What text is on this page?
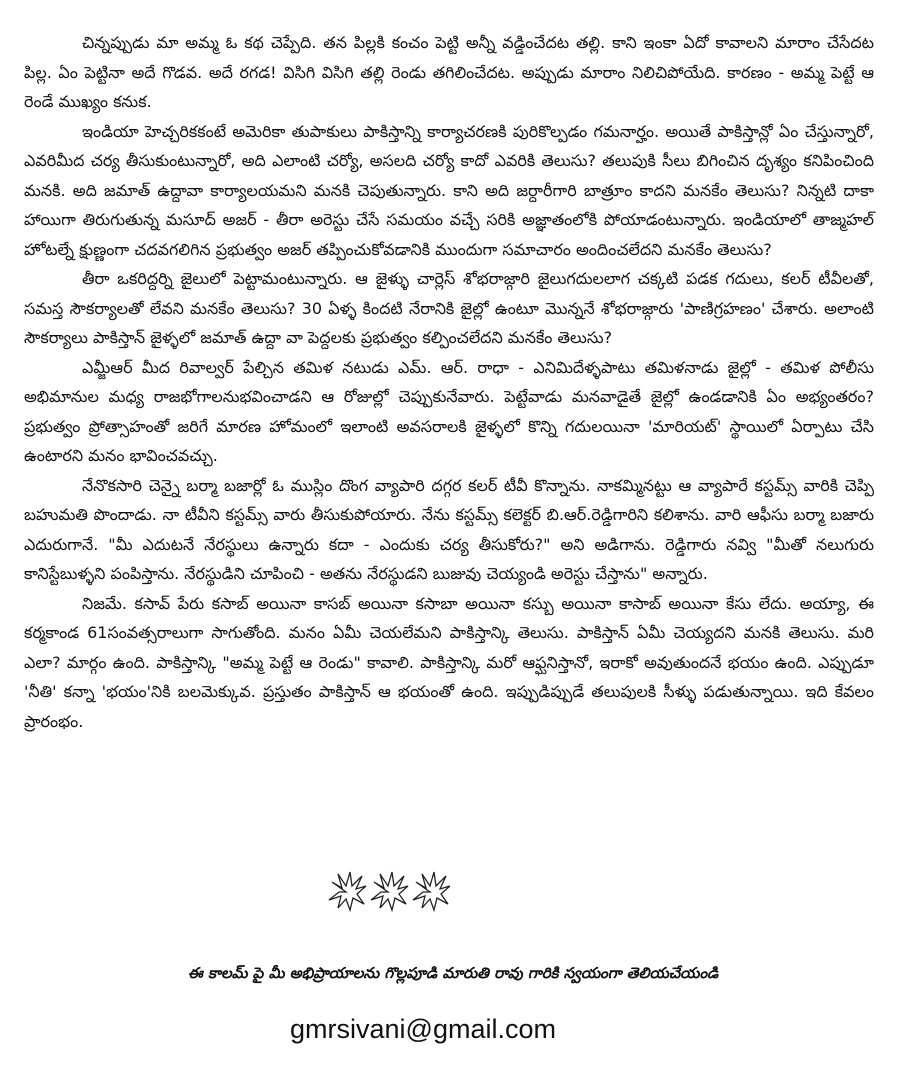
చిన్నప్పుడు మా అమ్మ ఓ కథ చెప్పేది. తన పిల్లకి కంచం పెట్టి అన్నీ వడ్డించేదట తల్లి. కాని ఇంకా ఏదో కావాలని మారాం చేసేదట పిల్ల. ఏం పెట్టినా అదే గొడవ. అదే రగడ! విసిగి విసిగి తల్లి రెండు తగిలించేదట. అప్పుడు మారాం నిలిచిపోయేది. కారణం - అమ్మ పెట్టే ఆ రెండే ముఖ్యం కనుక.

ఇండియా హెచ్చరికకంటే అమెరికా తుపాకులు పాకిస్తాన్ని కార్యాచరణకి పురికొల్పడం గమనార్హం. అయితే పాకిస్తాన్లో ఏం చేస్తున్నారో, ఎవరిమీద చర్య తీసుకుంటున్నారో, అది ఎలాంటి చర్యో, అసలది చర్యో కాదో ఎవరికి తెలుసు? తలుపుకి సీలు బిగించిన దృశ్యం కనిపించింది మనకి. అది జమాత్ ఉద్దావా కార్యాలయమని మనకి చెపుతున్నారు. కాని అది జర్దారీగారి బాత్రూం కాదని మనకేం తెలుసు? నిన్నటి దాకా హాయిగా తిరుగుతున్న మసూద్ అజర్ - తీరా అరెస్టు చేసే సమయం వచ్చే సరికి అజ్ఞాతంలోకి పోయాడంటున్నారు. ఇండియాలో తాజ్మహల్ హోటల్నే క్షుణ్ణంగా చదవగలిగిన ప్రభుత్వం అజర్ తప్పించుకోవడానికి ముందుగా సమాచారం అందించలేదని మనకేం తెలుసు?

తీరా ఒకరిద్దర్ని జైలులో పెట్టామంటున్నారు. ఆ జైళ్ళు చార్లెస్ శోభరాజ్గారి జైలుగదులలాగ చక్కటి పడక గదులు, కలర్ టీవీలతో, సమస్త సౌకర్యాలతో లేవని మనకేం తెలుసు? 30 ఏళ్ళ కిందటి నేరానికి జైల్లో ఉంటూ మొన్ననే శోభరాజ్గారు 'పాణిగ్రహణం' చేశారు. అలాంటి సౌకర్యాలు పాకిస్తాన్ జైళ్ళలో జమాత్ ఉద్దా వా పెద్దలకు ప్రభుత్వం కల్పించలేదని మనకేం తెలుసు?

ఎమ్జీఆర్ మీద రివాల్వర్ పేల్చిన తమిళ నటుడు ఎమ్. ఆర్. రాధా - ఎనిమిదేళ్ళపాటు తమిళనాడు జైల్లో - తమిళ పోలీసు అభిమానుల మధ్య రాజభోగాలనుభవించాడని ఆ రోజుల్లో చెప్పుకునేవారు. పెట్టేవాడు మనవాడైతే జైల్లో ఉండడానికి ఏం అభ్యంతరం? ప్రభుత్వం ప్రోత్సాహంతో జరిగే మారణ హోమంలో ఇలాంటి అవసరాలకి జైళ్ళలో కొన్ని గదులయినా 'మారియట్' స్థాయిలో ఏర్పాటు చేసి ఉంటారని మనం భావించవచ్చు.

నేనొకసారి చెన్నై బర్మా బజార్లో ఓ ముస్లిం దొంగ వ్యాపారి దగ్గర కలర్ టీవీ కొన్నాను. నాకమ్మినట్టు ఆ వ్యాపారే కస్టమ్స్ వారికి చెప్పి బహుమతి పొందాడు. నా టీవీని కస్టమ్స్ వారు తీసుకుపోయారు. నేను కస్టమ్స్ కలెక్టర్ బి.ఆర్.రెడ్డిగారిని కలిశాను. వారి ఆఫీసు బర్మా బజారు ఎదురుగానే. "మీ ఎదుటనే నేరస్థులు ఉన్నారు కదా - ఎందుకు చర్య తీసుకోరు?" అని అడిగాను. రెడ్డిగారు నవ్వి "మీతో నలుగురు కానిస్టేబుళ్ళని పంపిస్తాను. నేరస్థుడిని చూపించి - అతను నేరస్థుడని బుజువు చెయ్యండి అరెస్టు చేస్తాను" అన్నారు.

నిజమే. కసావ్ పేరు కసాబ్ అయినా కాసబ్ అయినా కసాబా అయినా కస్బు అయినా కాసాబ్ అయినా కేసు లేదు. అయ్యా, ఈ కర్మకాండ 61సంవత్సరాలుగా సాగుతోంది. మనం ఏమీ చెయలేమని పాకిస్తాన్కి తెలుసు. పాకిస్తాన్ ఏమీ చెయ్యదని మనకి తెలుసు. మరి ఎలా? మార్గం ఉంది. పాకిస్తాన్కి "అమ్మ పెట్టే ఆ రెండు" కావాలి. పాకిస్తాన్కి మరో ఆఫ్ఘనిస్తానో, ఇరాకో అవుతుందనే భయం ఉంది. ఎప్పుడూ 'నీతి' కన్నా 'భయం'నికి బలమెక్కువ. ప్రస్తుతం పాకిస్తాన్ ఆ భయంతో ఉంది. ఇప్పుడిప్పుడే తలుపులకి సీళ్ళు పడుతున్నాయి. ఇది కేవలం ప్రారంభం.

ఈ కాలమ్ పై మీ అభిప్రాయాలను గొల్లపూడి మారుతి రావు గారికి స్వయంగా తెలియచేయండి
gmrsivani@gmail.com
